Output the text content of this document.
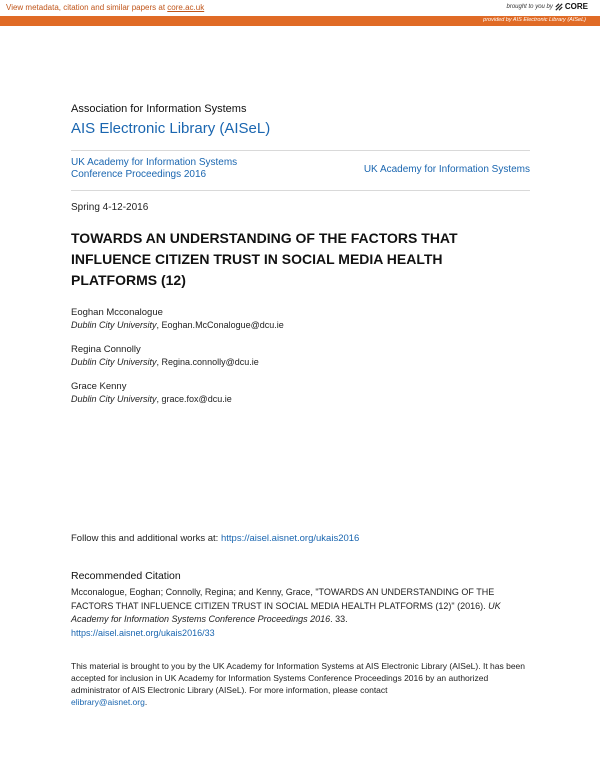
View metadata, citation and similar papers at core.ac.uk	brought to you by CORE
provided by AIS Electronic Library (AISeL)
Association for Information Systems
AIS Electronic Library (AISeL)
UK Academy for Information Systems
Conference Proceedings 2016	UK Academy for Information Systems
Spring 4-12-2016
TOWARDS AN UNDERSTANDING OF THE FACTORS THAT INFLUENCE CITIZEN TRUST IN SOCIAL MEDIA HEALTH PLATFORMS (12)
Eoghan Mcconalogue
Dublin City University, Eoghan.McConalogue@dcu.ie
Regina Connolly
Dublin City University, Regina.connolly@dcu.ie
Grace Kenny
Dublin City University, grace.fox@dcu.ie
Follow this and additional works at: https://aisel.aisnet.org/ukais2016
Recommended Citation
Mcconalogue, Eoghan; Connolly, Regina; and Kenny, Grace, "TOWARDS AN UNDERSTANDING OF THE FACTORS THAT INFLUENCE CITIZEN TRUST IN SOCIAL MEDIA HEALTH PLATFORMS (12)" (2016). UK Academy for Information Systems Conference Proceedings 2016. 33.
https://aisel.aisnet.org/ukais2016/33
This material is brought to you by the UK Academy for Information Systems at AIS Electronic Library (AISeL). It has been accepted for inclusion in UK Academy for Information Systems Conference Proceedings 2016 by an authorized administrator of AIS Electronic Library (AISeL). For more information, please contact
elibrary@aisnet.org.
